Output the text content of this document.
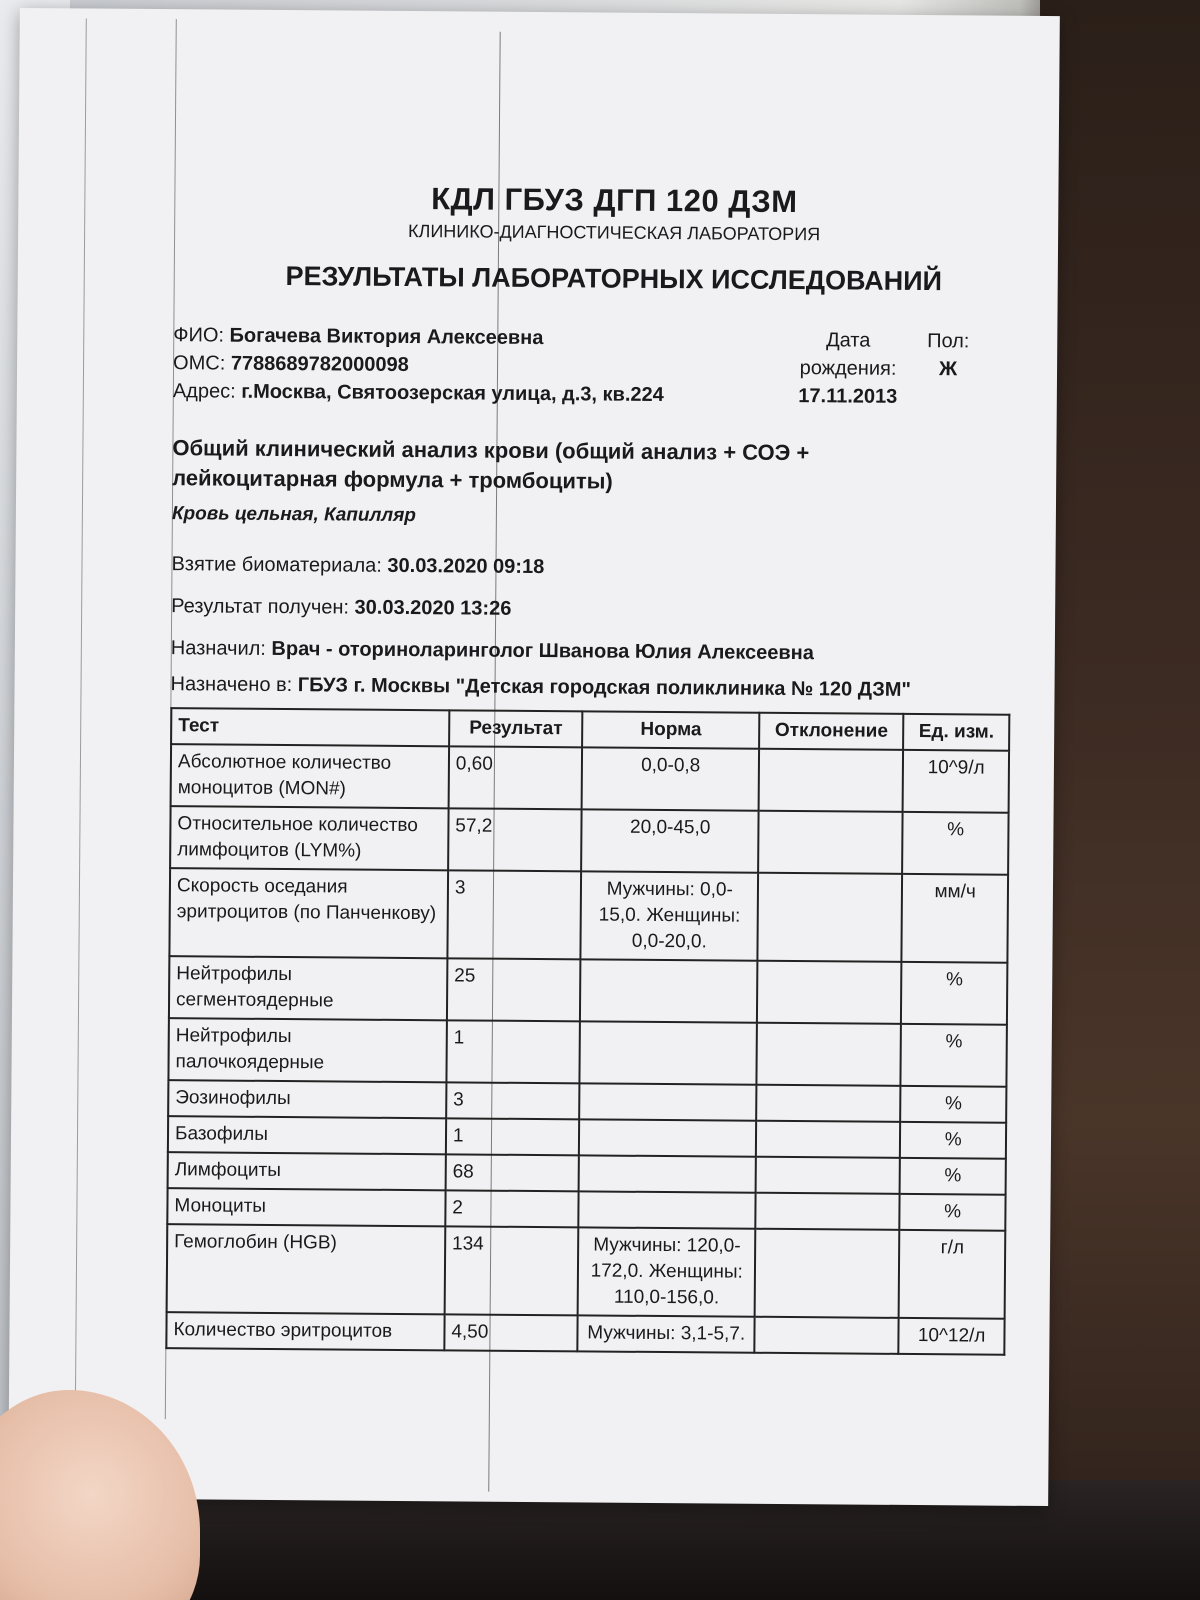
КДЛ ГБУЗ ДГП 120 ДЗМ
КЛИНИКО-ДИАГНОСТИЧЕСКАЯ ЛАБОРАТОРИЯ
РЕЗУЛЬТАТЫ ЛАБОРАТОРНЫХ ИССЛЕДОВАНИЙ
ФИО: Богачева Виктория Алексеевна
ОМС: 7788689782000098
Адрес: г.Москва, Святоозерская улица, д.3, кв.224
Дата
рождения:
17.11.2013
Пол:
Ж
Общий клинический анализ крови (общий анализ + СОЭ + лейкоцитарная формула + тромбоциты)
Кровь цельная, Капилляр
Взятие биоматериала: 30.03.2020 09:18
Результат получен: 30.03.2020 13:26
Назначил: Врач - оториноларинголог Шванова Юлия Алексеевна
Назначено в: ГБУЗ г. Москвы "Детская городская поликлиника № 120 ДЗМ"
Тест	Результат	Норма	Отклонение	Ед. изм.
Абсолютное количество моноцитов (MON#)	0,60	0,0-0,8		10^9/л
Относительное количество лимфоцитов (LYM%)	57,2	20,0-45,0		%
Скорость оседания эритроцитов (по Панченкову)	3	Мужчины: 0,0-15,0. Женщины: 0,0-20,0.		мм/ч
Нейтрофилы сегментоядерные	25			%
Нейтрофилы палочкоядерные	1			%
Эозинофилы	3			%
Базофилы	1			%
Лимфоциты	68			%
Моноциты	2			%
Гемоглобин (HGB)	134	Мужчины: 120,0-172,0. Женщины: 110,0-156,0.		г/л
Количество эритроцитов	4,50	Мужчины: 3,1-5,7.		10^12/л
